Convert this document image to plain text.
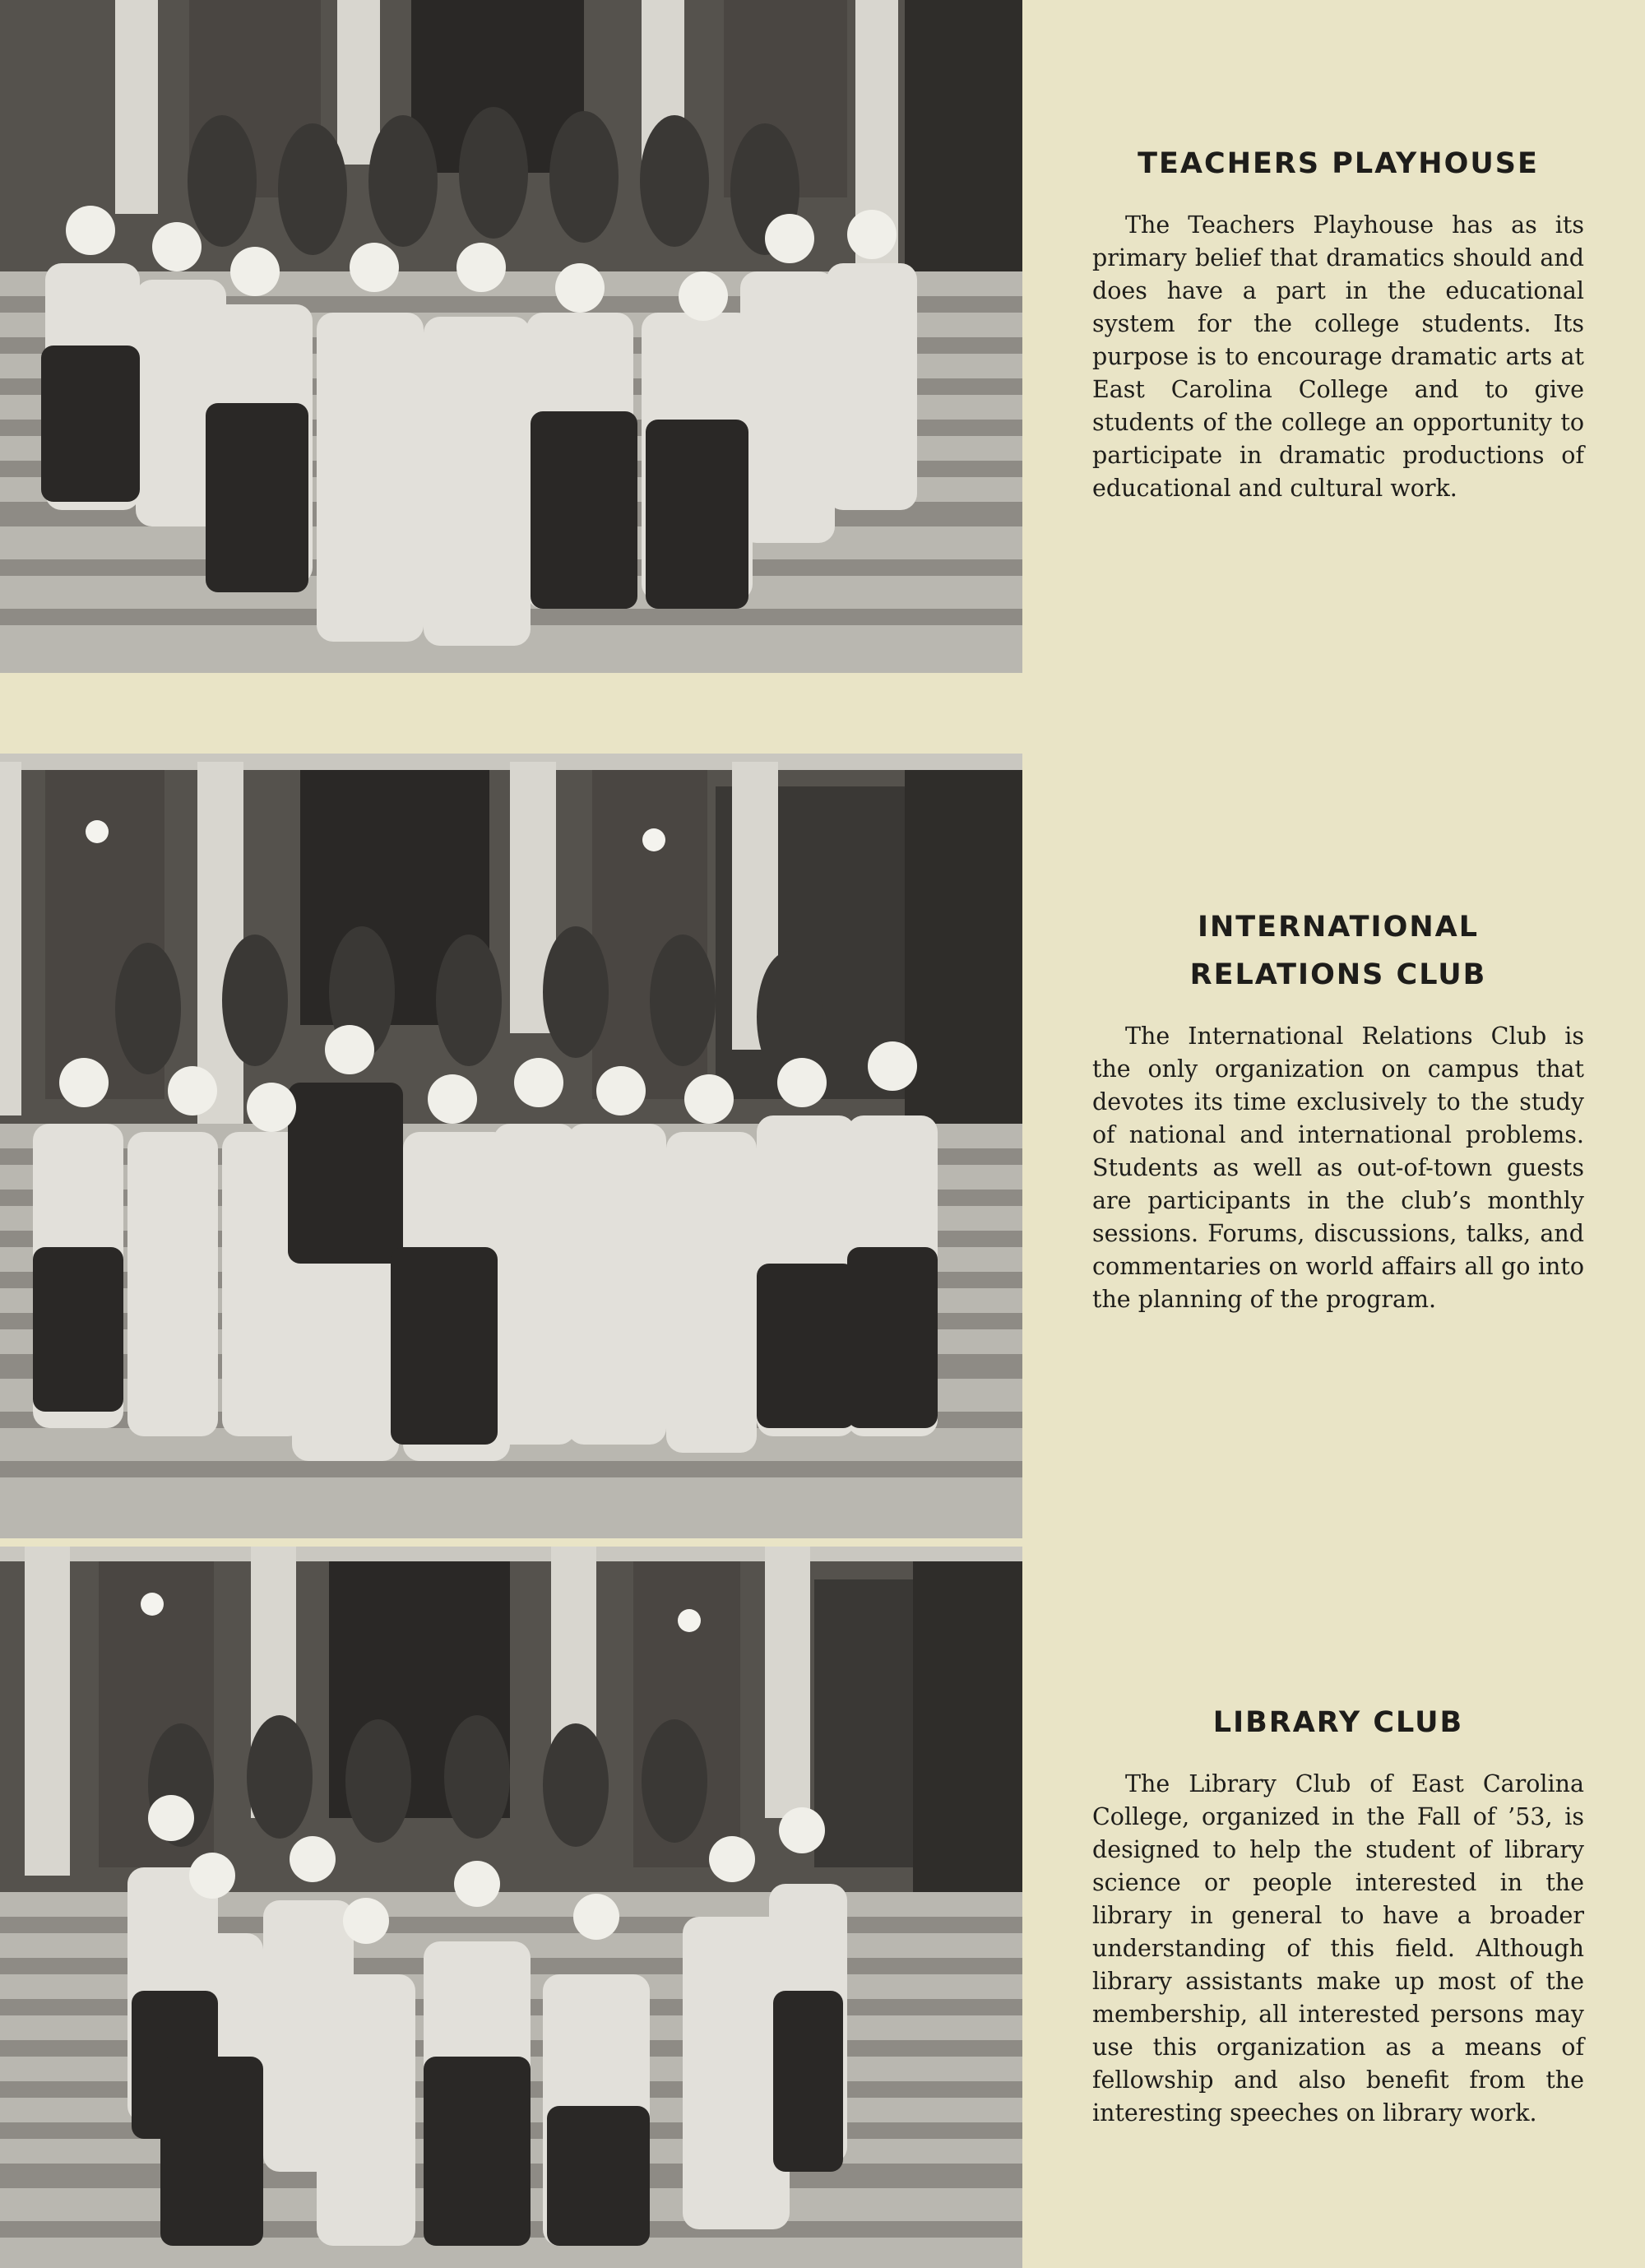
TEACHERS PLAYHOUSE

The Teachers Playhouse has as its primary belief that dramatics should and does have a part in the educational system for the college students. Its purpose is to encourage dramatic arts at East Carolina College and to give students of the college an opportunity to participate in dramatic productions of educational and cultural work.

INTERNATIONAL
RELATIONS CLUB

The International Relations Club is the only organization on campus that devotes its time exclusively to the study of national and international problems. Students as well as out-of-town guests are participants in the club’s monthly sessions. Forums, discussions, talks, and commentaries on world affairs all go into the planning of the program.

LIBRARY CLUB

The Library Club of East Carolina College, organized in the Fall of ’53, is designed to help the student of library science or people interested in the library in general to have a broader understanding of this field. Although library assistants make up most of the membership, all interested persons may use this organization as a means of fellowship and also benefit from the interesting speeches on library work.
